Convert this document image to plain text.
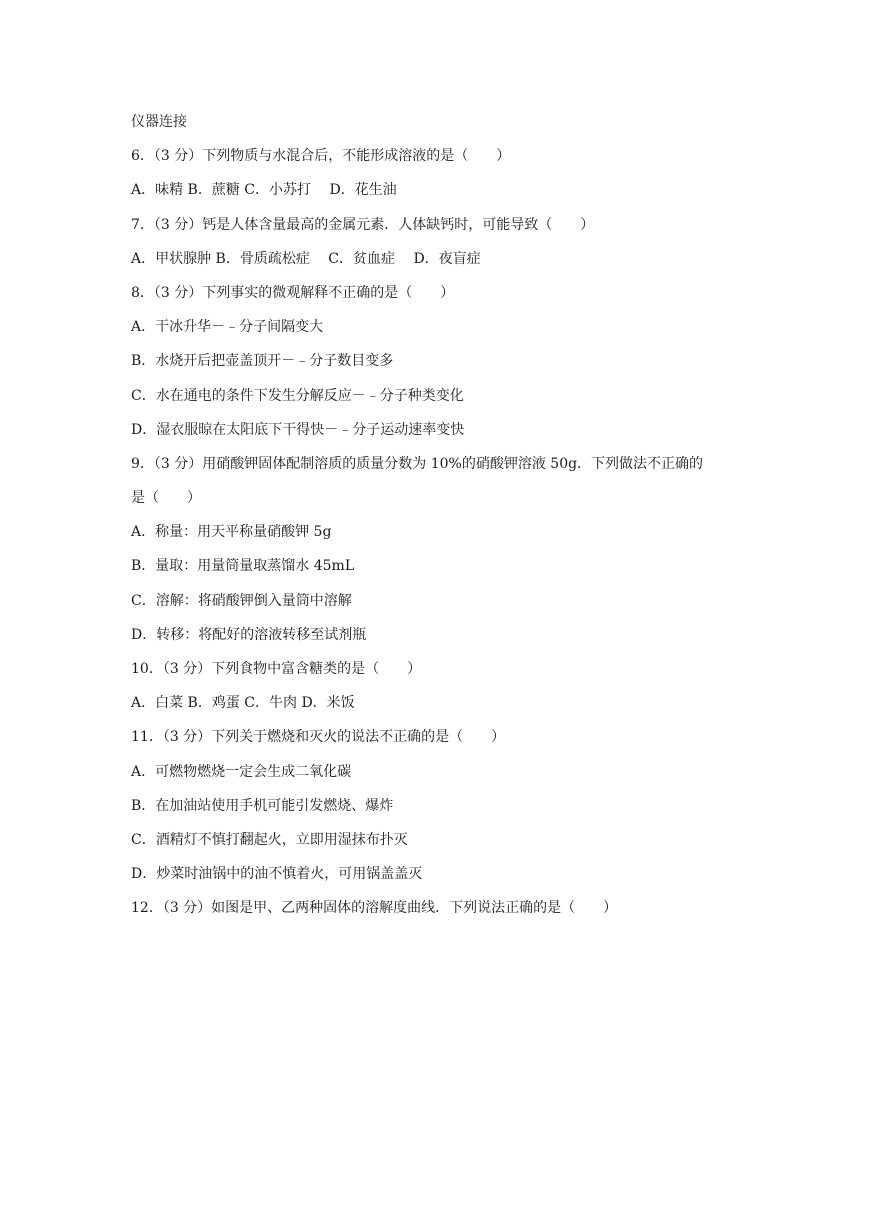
仪器连接
6．（3 分）下列物质与水混合后，不能形成溶液的是（　　）
A．味精 B．蔗糖 C．小苏打　 D．花生油
7．（3 分）钙是人体含量最高的金属元素．人体缺钙时，可能导致（　　）
A．甲状腺肿 B．骨质疏松症　 C．贫血症　 D．夜盲症
8．（3 分）下列事实的微观解释不正确的是（　　）
A．干冰升华－﹣分子间隔变大
B．水烧开后把壶盖顶开－﹣分子数目变多
C．水在通电的条件下发生分解反应－﹣分子种类变化
D．湿衣服晾在太阳底下干得快－﹣分子运动速率变快
9．（3 分）用硝酸钾固体配制溶质的质量分数为 10%的硝酸钾溶液 50g．下列做法不正确的
是（　　）
A．称量：用天平称量硝酸钾 5g
B．量取：用量筒量取蒸馏水 45mL
C．溶解：将硝酸钾倒入量筒中溶解
D．转移：将配好的溶液转移至试剂瓶
10．（3 分）下列食物中富含糖类的是（　　）
A．白菜 B．鸡蛋 C．牛肉 D．米饭
11．（3 分）下列关于燃烧和灭火的说法不正确的是（　　）
A．可燃物燃烧一定会生成二氧化碳
B．在加油站使用手机可能引发燃烧、爆炸
C．酒精灯不慎打翻起火，立即用湿抹布扑灭
D．炒菜时油锅中的油不慎着火，可用锅盖盖灭
12．（3 分）如图是甲、乙两种固体的溶解度曲线．下列说法正确的是（　　）
